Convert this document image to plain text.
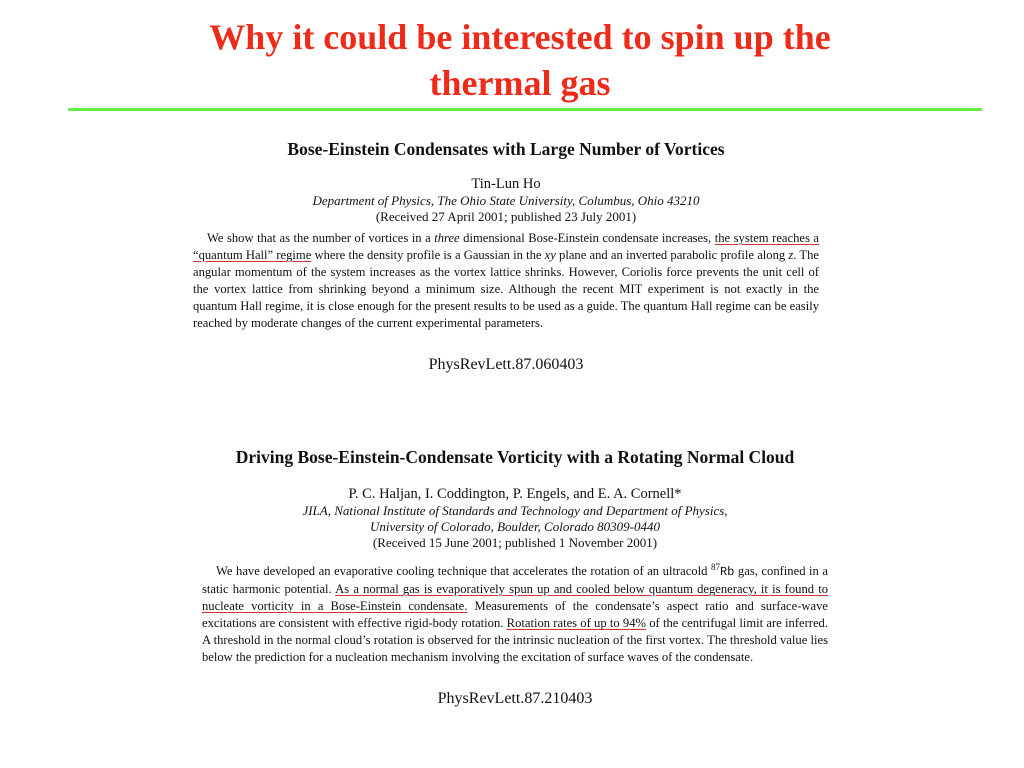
Why it could be interested to spin up the
thermal gas

Bose-Einstein Condensates with Large Number of Vortices

Tin-Lun Ho

Department of Physics, The Ohio State University, Columbus, Ohio 43210

(Received 27 April 2001; published 23 July 2001)

We show that as the number of vortices in a three dimensional Bose-Einstein condensate increases, the system reaches a “quantum Hall” regime where the density profile is a Gaussian in the xy plane and an inverted parabolic profile along z. The angular momentum of the system increases as the vortex lattice shrinks. However, Coriolis force prevents the unit cell of the vortex lattice from shrinking beyond a minimum size. Although the recent MIT experiment is not exactly in the quantum Hall regime, it is close enough for the present results to be used as a guide. The quantum Hall regime can be easily reached by moderate changes of the current experimental parameters.

PhysRevLett.87.060403

Driving Bose-Einstein-Condensate Vorticity with a Rotating Normal Cloud

P. C. Haljan, I. Coddington, P. Engels, and E. A. Cornell*

JILA, National Institute of Standards and Technology and Department of Physics,

University of Colorado, Boulder, Colorado 80309-0440

(Received 15 June 2001; published 1 November 2001)

We have developed an evaporative cooling technique that accelerates the rotation of an ultracold $^{87}$Rb gas, confined in a static harmonic potential. As a normal gas is evaporatively spun up and cooled below quantum degeneracy, it is found to nucleate vorticity in a Bose-Einstein condensate. Measurements of the condensate’s aspect ratio and surface-wave excitations are consistent with effective rigid-body rotation. Rotation rates of up to 94% of the centrifugal limit are inferred. A threshold in the normal cloud’s rotation is observed for the intrinsic nucleation of the first vortex. The threshold value lies below the prediction for a nucleation mechanism involving the excitation of surface waves of the condensate.

PhysRevLett.87.210403
